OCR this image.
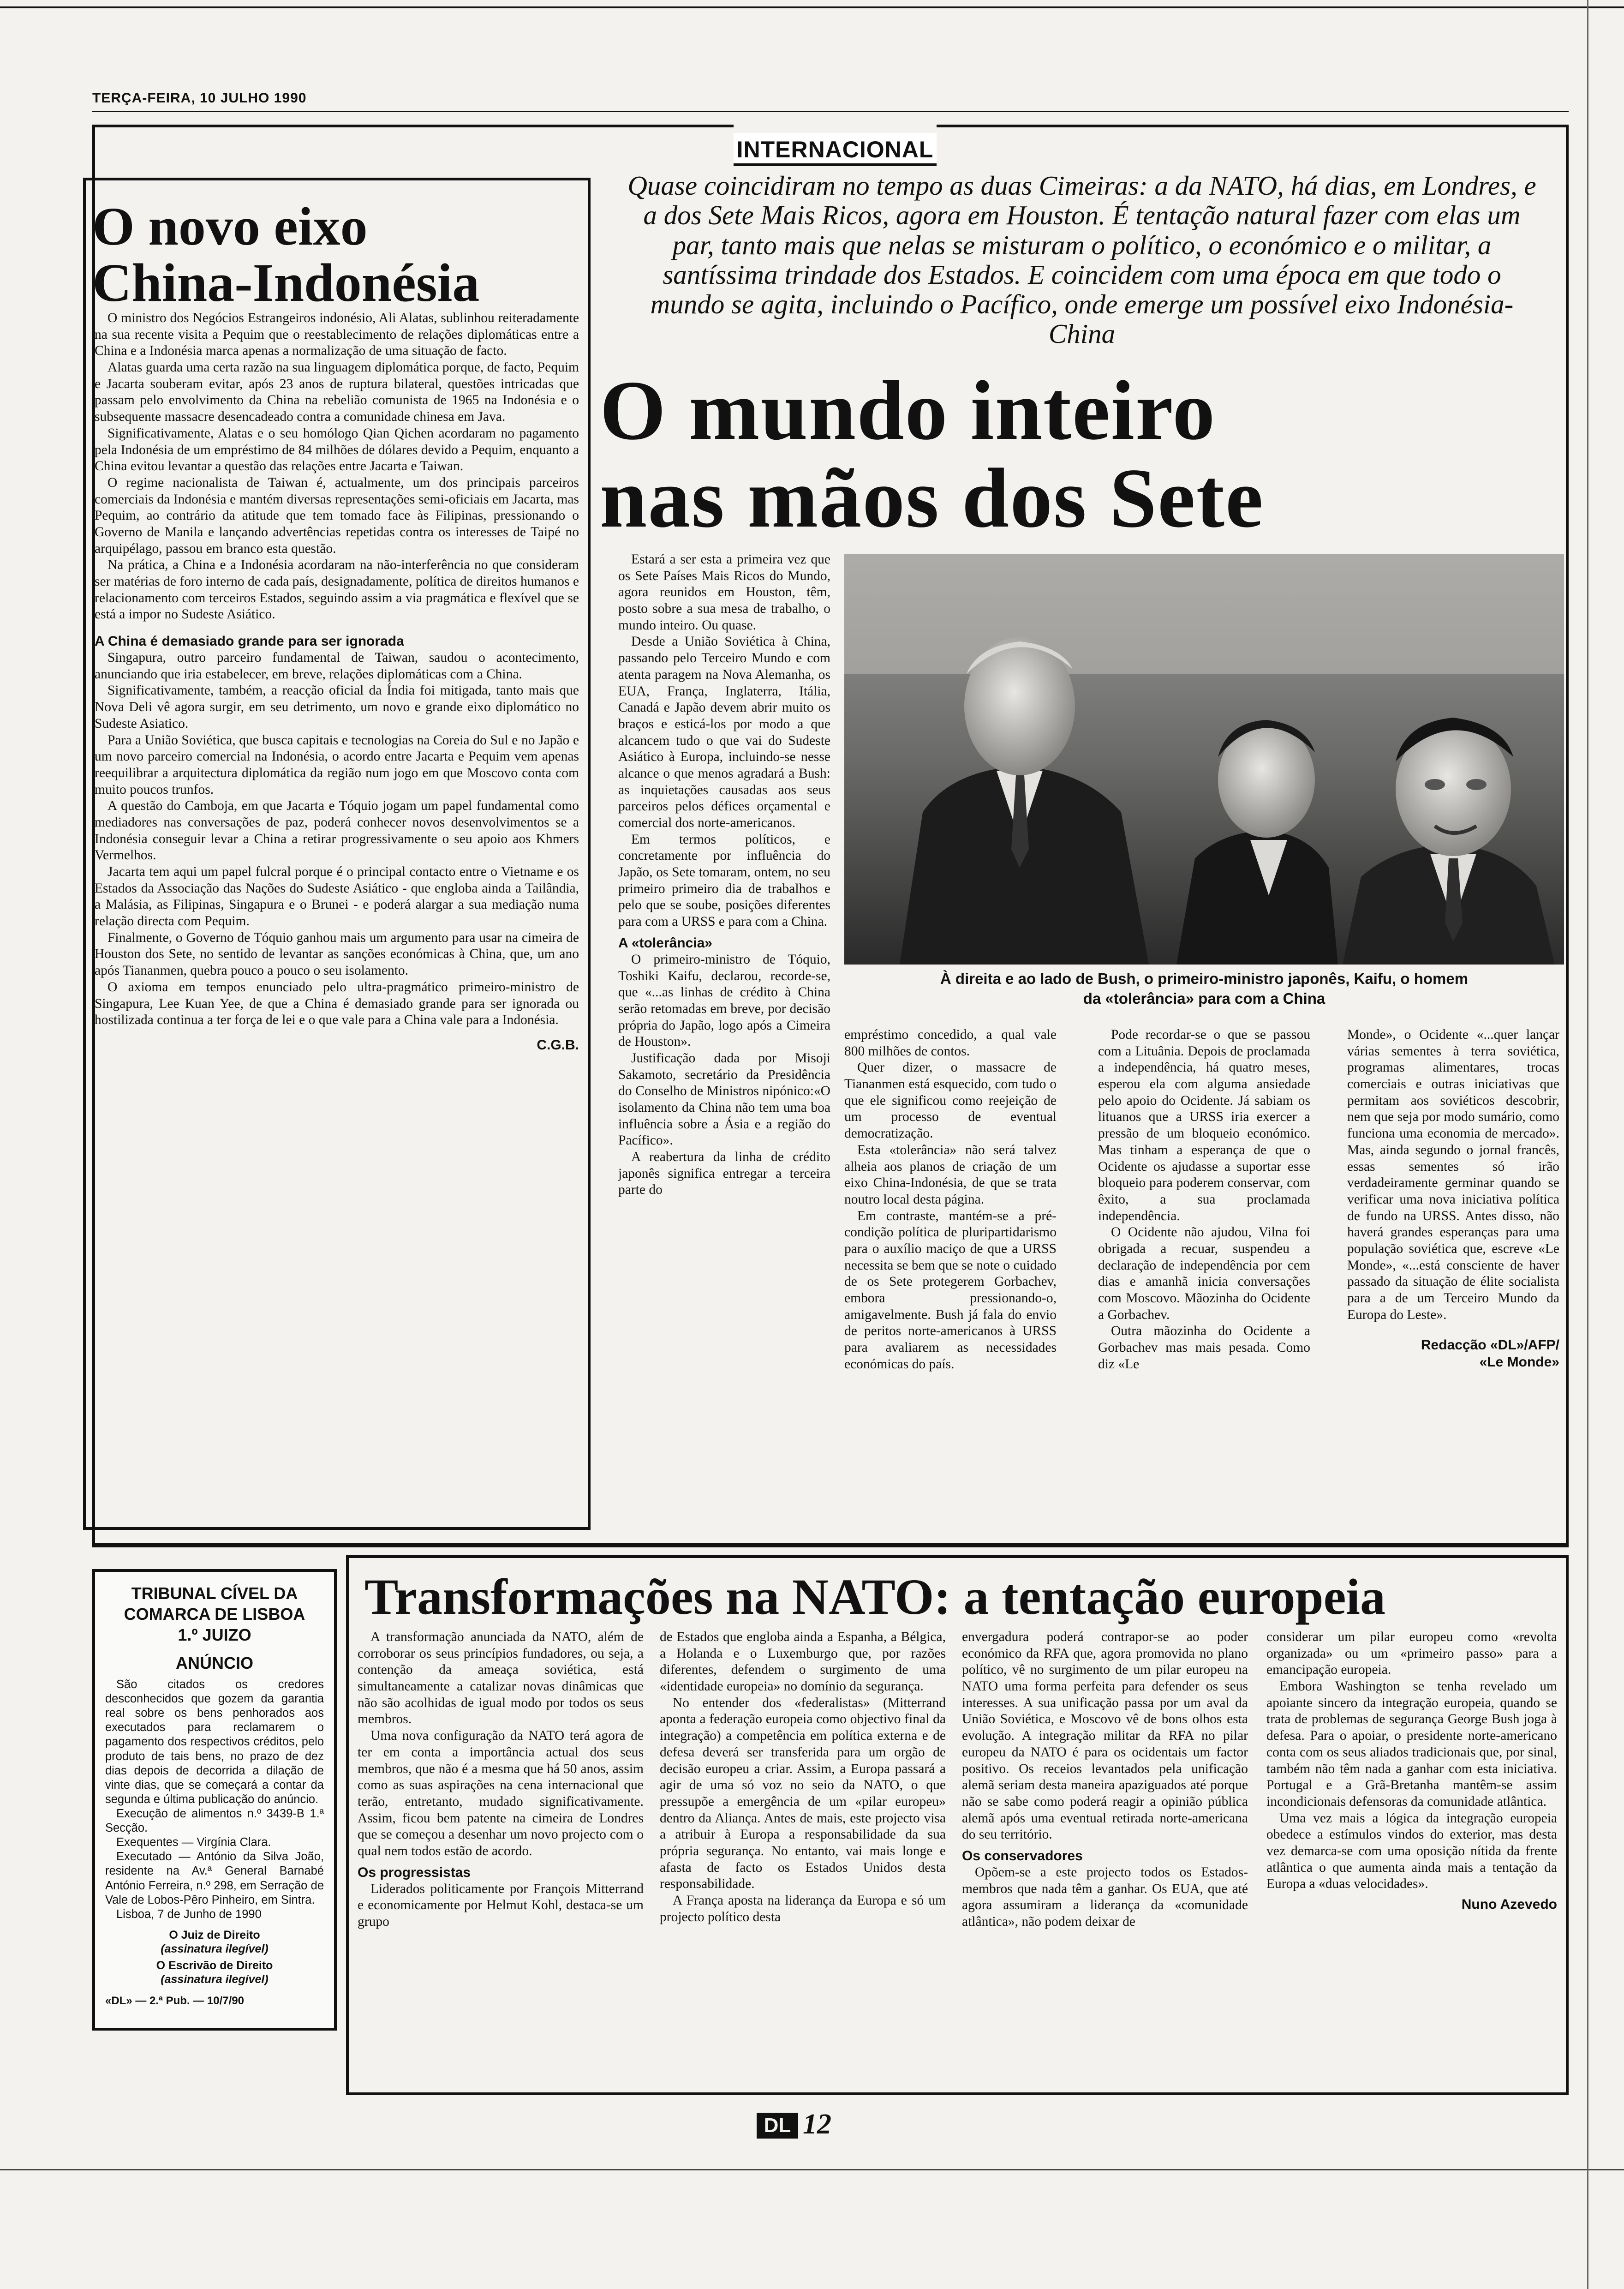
TERÇA-FEIRA, 10 JULHO 1990
INTERNACIONAL
O novo eixo
China-Indonésia

O ministro dos Negócios Estrangeiros indonésio, Ali Alatas, sublinhou reiteradamente na sua recente visita a Pequim que o reestablecimento de relações diplomáticas entre a China e a Indonésia marca apenas a normalização de uma situação de facto.

Alatas guarda uma certa razão na sua linguagem diplomática porque, de facto, Pequim e Jacarta souberam evitar, após 23 anos de ruptura bilateral, questões intricadas que passam pelo envolvimento da China na rebelião comunista de 1965 na Indonésia e o subsequente massacre desencadeado contra a comunidade chinesa em Java.

Significativamente, Alatas e o seu homólogo Qian Qichen acordaram no pagamento pela Indonésia de um empréstimo de 84 milhões de dólares devido a Pequim, enquanto a China evitou levantar a questão das relações entre Jacarta e Taiwan.

O regime nacionalista de Taiwan é, actualmente, um dos principais parceiros comerciais da Indonésia e mantém diversas representações semi-oficiais em Jacarta, mas Pequim, ao contrário da atitude que tem tomado face às Filipinas, pressionando o Governo de Manila e lançando advertências repetidas contra os interesses de Taipé no arquipélago, passou em branco esta questão.

Na prática, a China e a Indonésia acordaram na não-interferência no que consideram ser matérias de foro interno de cada país, designadamente, política de direitos humanos e relacionamento com terceiros Estados, seguindo assim a via pragmática e flexível que se está a impor no Sudeste Asiático.

A China é demasiado grande para ser ignorada

Singapura, outro parceiro fundamental de Taiwan, saudou o acontecimento, anunciando que iria estabelecer, em breve, relações diplomáticas com a China.

Significativamente, também, a reacção oficial da Índia foi mitigada, tanto mais que Nova Deli vê agora surgir, em seu detrimento, um novo e grande eixo diplomático no Sudeste Asiatico.

Para a União Soviética, que busca capitais e tecnologias na Coreia do Sul e no Japão e um novo parceiro comercial na Indonésia, o acordo entre Jacarta e Pequim vem apenas reequilibrar a arquitectura diplomática da região num jogo em que Moscovo conta com muito poucos trunfos.

A questão do Camboja, em que Jacarta e Tóquio jogam um papel fundamental como mediadores nas conversações de paz, poderá conhecer novos desenvolvimentos se a Indonésia conseguir levar a China a retirar progressivamente o seu apoio aos Khmers Vermelhos.

Jacarta tem aqui um papel fulcral porque é o principal contacto entre o Vietname e os Estados da Associação das Nações do Sudeste Asiático - que engloba ainda a Tailândia, a Malásia, as Filipinas, Singapura e o Brunei - e poderá alargar a sua mediação numa relação directa com Pequim.

Finalmente, o Governo de Tóquio ganhou mais um argumento para usar na cimeira de Houston dos Sete, no sentido de levantar as sanções económicas à China, que, um ano após Tiananmen, quebra pouco a pouco o seu isolamento.

O axioma em tempos enunciado pelo ultra-pragmático primeiro-ministro de Singapura, Lee Kuan Yee, de que a China é demasiado grande para ser ignorada ou hostilizada continua a ter força de lei e o que vale para a China vale para a Indonésia.

C.G.B.
Quase coincidiram no tempo as duas Cimeiras: a da NATO, há dias, em Londres, e a dos Sete Mais Ricos, agora em Houston. É tentação natural fazer com elas um par, tanto mais que nelas se misturam o político, o económico e o militar, a santíssima trindade dos Estados. E coincidem com uma época em que todo o mundo se agita, incluindo o Pacífico, onde emerge um possível eixo Indonésia-China
O mundo inteiro
nas mãos dos Sete

Estará a ser esta a primeira vez que os Sete Países Mais Ricos do Mundo, agora reunidos em Houston, têm, posto sobre a sua mesa de trabalho, o mundo inteiro. Ou quase.

Desde a União Soviética à China, passando pelo Terceiro Mundo e com atenta paragem na Nova Alemanha, os EUA, França, Inglaterra, Itália, Canadá e Japão devem abrir muito os braços e esticá-los por modo a que alcancem tudo o que vai do Sudeste Asiático à Europa, incluindo-se nesse alcance o que menos agradará a Bush: as inquietações causadas aos seus parceiros pelos défices orçamental e comercial dos norte-americanos.

Em termos políticos, e concretamente por influência do Japão, os Sete tomaram, ontem, no seu primeiro primeiro dia de trabalhos e pelo que se soube, posições diferentes para com a URSS e para com a China.

A «tolerância»

O primeiro-ministro de Tóquio, Toshiki Kaifu, declarou, recorde-se, que «...as linhas de crédito à China serão retomadas em breve, por decisão própria do Japão, logo após a Cimeira de Houston».

Justificação dada por Misoji Sakamoto, secretário da Presidência do Conselho de Ministros nipónico:«O isolamento da China não tem uma boa influência sobre a Ásia e a região do Pacífico».

A reabertura da linha de crédito japonês significa entregar a terceira parte do

À direita e ao lado de Bush, o primeiro-ministro japonês, Kaifu, o homem
da «tolerância» para com a China

empréstimo concedido, a qual vale 800 milhões de contos.

Quer dizer, o massacre de Tiananmen está esquecido, com tudo o que ele significou como reejeição de um processo de eventual democratização.

Esta «tolerância» não será talvez alheia aos planos de criação de um eixo China-Indonésia, de que se trata noutro local desta página.

Em contraste, mantém-se a pré-condição política de pluripartidarismo para o auxílio maciço de que a URSS necessita se bem que se note o cuidado de os Sete protegerem Gorbachev, embora pressionando-o, amigavelmente. Bush já fala do envio de peritos norte-americanos à URSS para avaliarem as necessidades económicas do país.

Pode recordar-se o que se passou com a Lituânia. Depois de proclamada a independência, há quatro meses, esperou ela com alguma ansiedade pelo apoio do Ocidente. Já sabiam os lituanos que a URSS iria exercer a pressão de um bloqueio económico. Mas tinham a esperança de que o Ocidente os ajudasse a suportar esse bloqueio para poderem conservar, com êxito, a sua proclamada independência.

O Ocidente não ajudou, Vilna foi obrigada a recuar, suspendeu a declaração de independência por cem dias e amanhã inicia conversações com Moscovo. Mãozinha do Ocidente a Gorbachev.

Outra mãozinha do Ocidente a Gorbachev mas mais pesada. Como diz «Le

Monde», o Ocidente «...quer lançar várias sementes à terra soviética, programas alimentares, trocas comerciais e outras iniciativas que permitam aos soviéticos descobrir, nem que seja por modo sumário, como funciona uma economia de mercado». Mas, ainda segundo o jornal francês, essas sementes só irão verdadeiramente germinar quando se verificar uma nova iniciativa política de fundo na URSS. Antes disso, não haverá grandes esperanças para uma população soviética que, escreve «Le Monde», «...está consciente de haver passado da situação de élite socialista para a de um Terceiro Mundo da Europa do Leste».

Redacção «DL»/AFP/
«Le Monde»
TRIBUNAL CÍVEL DA
COMARCA DE LISBOA
1.º JUIZO
ANÚNCIO

São citados os credores desconhecidos que gozem da garantia real sobre os bens penhorados aos executados para reclamarem o pagamento dos respectivos créditos, pelo produto de tais bens, no prazo de dez dias depois de decorrida a dilação de vinte dias, que se começará a contar da segunda e última publicação do anúncio.

Execução de alimentos n.º 3439-B 1.ª Secção.

Exequentes — Virgínia Clara.

Executado — António da Silva João, residente na Av.ª General Barnabé António Ferreira, n.º 298, em Serração de Vale de Lobos-Pêro Pinheiro, em Sintra.

Lisboa, 7 de Junho de 1990

O Juiz de Direito
(assinatura ilegível)
O Escrivão de Direito
(assinatura ilegível)
«DL» — 2.ª Pub. — 10/7/90
Transformações na NATO: a tentação europeia

A transformação anunciada da NATO, além de corroborar os seus princípios fundadores, ou seja, a contenção da ameaça soviética, está simultaneamente a catalizar novas dinâmicas que não são acolhidas de igual modo por todos os seus membros.

Uma nova configuração da NATO terá agora de ter em conta a importância actual dos seus membros, que não é a mesma que há 50 anos, assim como as suas aspirações na cena internacional que terão, entretanto, mudado significativamente. Assim, ficou bem patente na cimeira de Londres que se começou a desenhar um novo projecto com o qual nem todos estão de acordo.

Os progressistas

Liderados politicamente por François Mitterrand e economicamente por Helmut Kohl, destaca-se um grupo

de Estados que engloba ainda a Espanha, a Bélgica, a Holanda e o Luxemburgo que, por razões diferentes, defendem o surgimento de uma «identidade europeia» no domínio da segurança.

No entender dos «federalistas» (Mitterrand aponta a federação europeia como objectivo final da integração) a competência em política externa e de defesa deverá ser transferida para um orgão de decisão europeu a criar. Assim, a Europa passará a agir de uma só voz no seio da NATO, o que pressupõe a emergência de um «pilar europeu» dentro da Aliança. Antes de mais, este projecto visa a atribuir à Europa a responsabilidade da sua própria segurança. No entanto, vai mais longe e afasta de facto os Estados Unidos desta responsabilidade.

A França aposta na liderança da Europa e só um projecto político desta

envergadura poderá contrapor-se ao poder económico da RFA que, agora promovida no plano político, vê no surgimento de um pilar europeu na NATO uma forma perfeita para defender os seus interesses. A sua unificação passa por um aval da União Soviética, e Moscovo vê de bons olhos esta evolução. A integração militar da RFA no pilar europeu da NATO é para os ocidentais um factor positivo. Os receios levantados pela unificação alemã seriam desta maneira apaziguados até porque não se sabe como poderá reagir a opinião pública alemã após uma eventual retirada norte-americana do seu território.

Os conservadores

Opõem-se a este projecto todos os Estados-membros que nada têm a ganhar. Os EUA, que até agora assumiram a liderança da «comunidade atlântica», não podem deixar de

considerar um pilar europeu como «revolta organizada» ou um «primeiro passo» para a emancipação europeia.

Embora Washington se tenha revelado um apoiante sincero da integração europeia, quando se trata de problemas de segurança George Bush joga à defesa. Para o apoiar, o presidente norte-americano conta com os seus aliados tradicionais que, por sinal, também não têm nada a ganhar com esta iniciativa. Portugal e a Grã-Bretanha mantêm-se assim incondicionais defensoras da comunidade atlântica.

Uma vez mais a lógica da integração europeia obedece a estímulos vindos do exterior, mas desta vez demarca-se com uma oposição nítida da frente atlântica o que aumenta ainda mais a tentação da Europa a «duas velocidades».

Nuno Azevedo
DL 12
